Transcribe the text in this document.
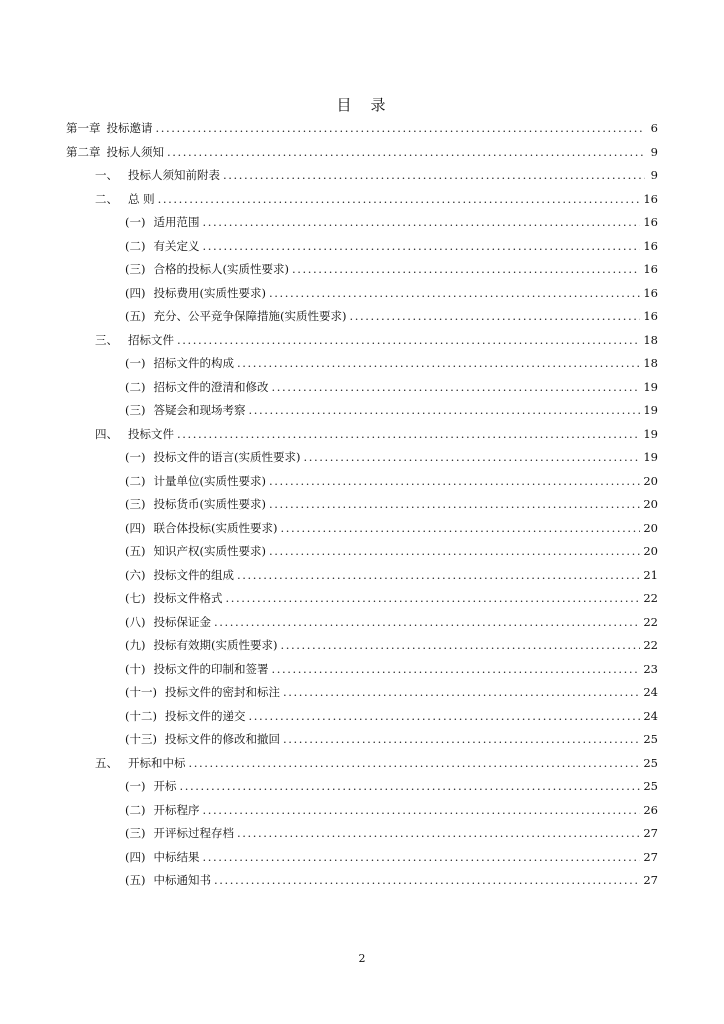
目　录
第一章 投标邀请 .....	6
第二章 投标人须知 .....	9
一、 投标人须知前附表 .....	9
二、 总 则 .....	16
(一) 适用范围 .....	16
(二) 有关定义 .....	16
(三) 合格的投标人(实质性要求) .....	16
(四) 投标费用(实质性要求) .....	16
(五) 充分、公平竞争保障措施(实质性要求) .....	16
三、 招标文件 .....	18
(一) 招标文件的构成 .....	18
(二) 招标文件的澄清和修改 .....	19
(三) 答疑会和现场考察 .....	19
四、 投标文件 .....	19
(一) 投标文件的语言(实质性要求) .....	19
(二) 计量单位(实质性要求) .....	20
(三) 投标货币(实质性要求) .....	20
(四) 联合体投标(实质性要求) .....	20
(五) 知识产权(实质性要求) .....	20
(六) 投标文件的组成 .....	21
(七) 投标文件格式 .....	22
(八) 投标保证金 .....	22
(九) 投标有效期(实质性要求) .....	22
(十) 投标文件的印制和签署 .....	23
(十一) 投标文件的密封和标注 .....	24
(十二) 投标文件的递交 .....	24
(十三) 投标文件的修改和撤回 .....	25
五、 开标和中标 .....	25
(一) 开标 .....	25
(二) 开标程序 .....	26
(三) 开评标过程存档 .....	27
(四) 中标结果 .....	27
(五) 中标通知书 .....	27
2
